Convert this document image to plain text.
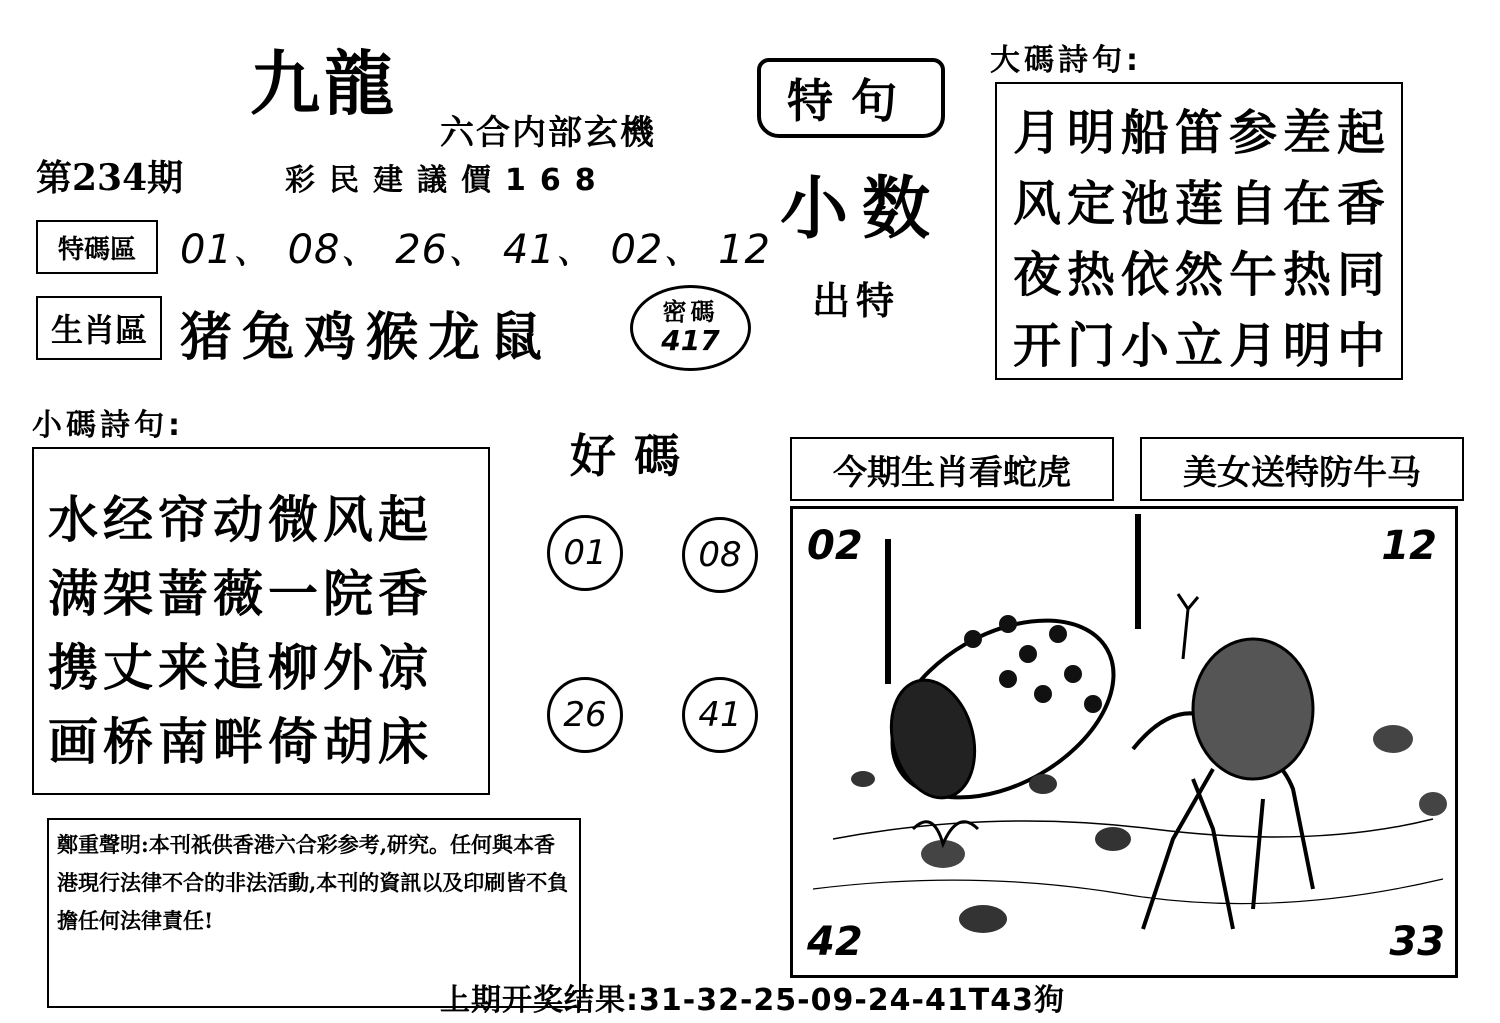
九龍
六合内部玄機
第234期	彩民建議價168
特碼區	01、 08、 26、 41、 02、 12
生肖區 猪兔鸡猴龙鼠	密碼
417
特句
小数
出特
大碼詩句:
月明船笛参差起
风定池莲自在香
夜热依然午热同
开门小立月明中
小碼詩句:
水经帘动微风起
满架蔷薇一院香
携丈来追柳外凉
画桥南畔倚胡床
好碼
01	08
26	41
今期生肖看蛇虎	美女送特防牛马
02	12
42	33
鄭重聲明:本刊祇供香港六合彩参考,研究。任何與本香港現行法律不合的非法活動,本刊的資訊以及印刷皆不負擔任何法律責任!
上期开奖结果:31-32-25-09-24-41T43狗
